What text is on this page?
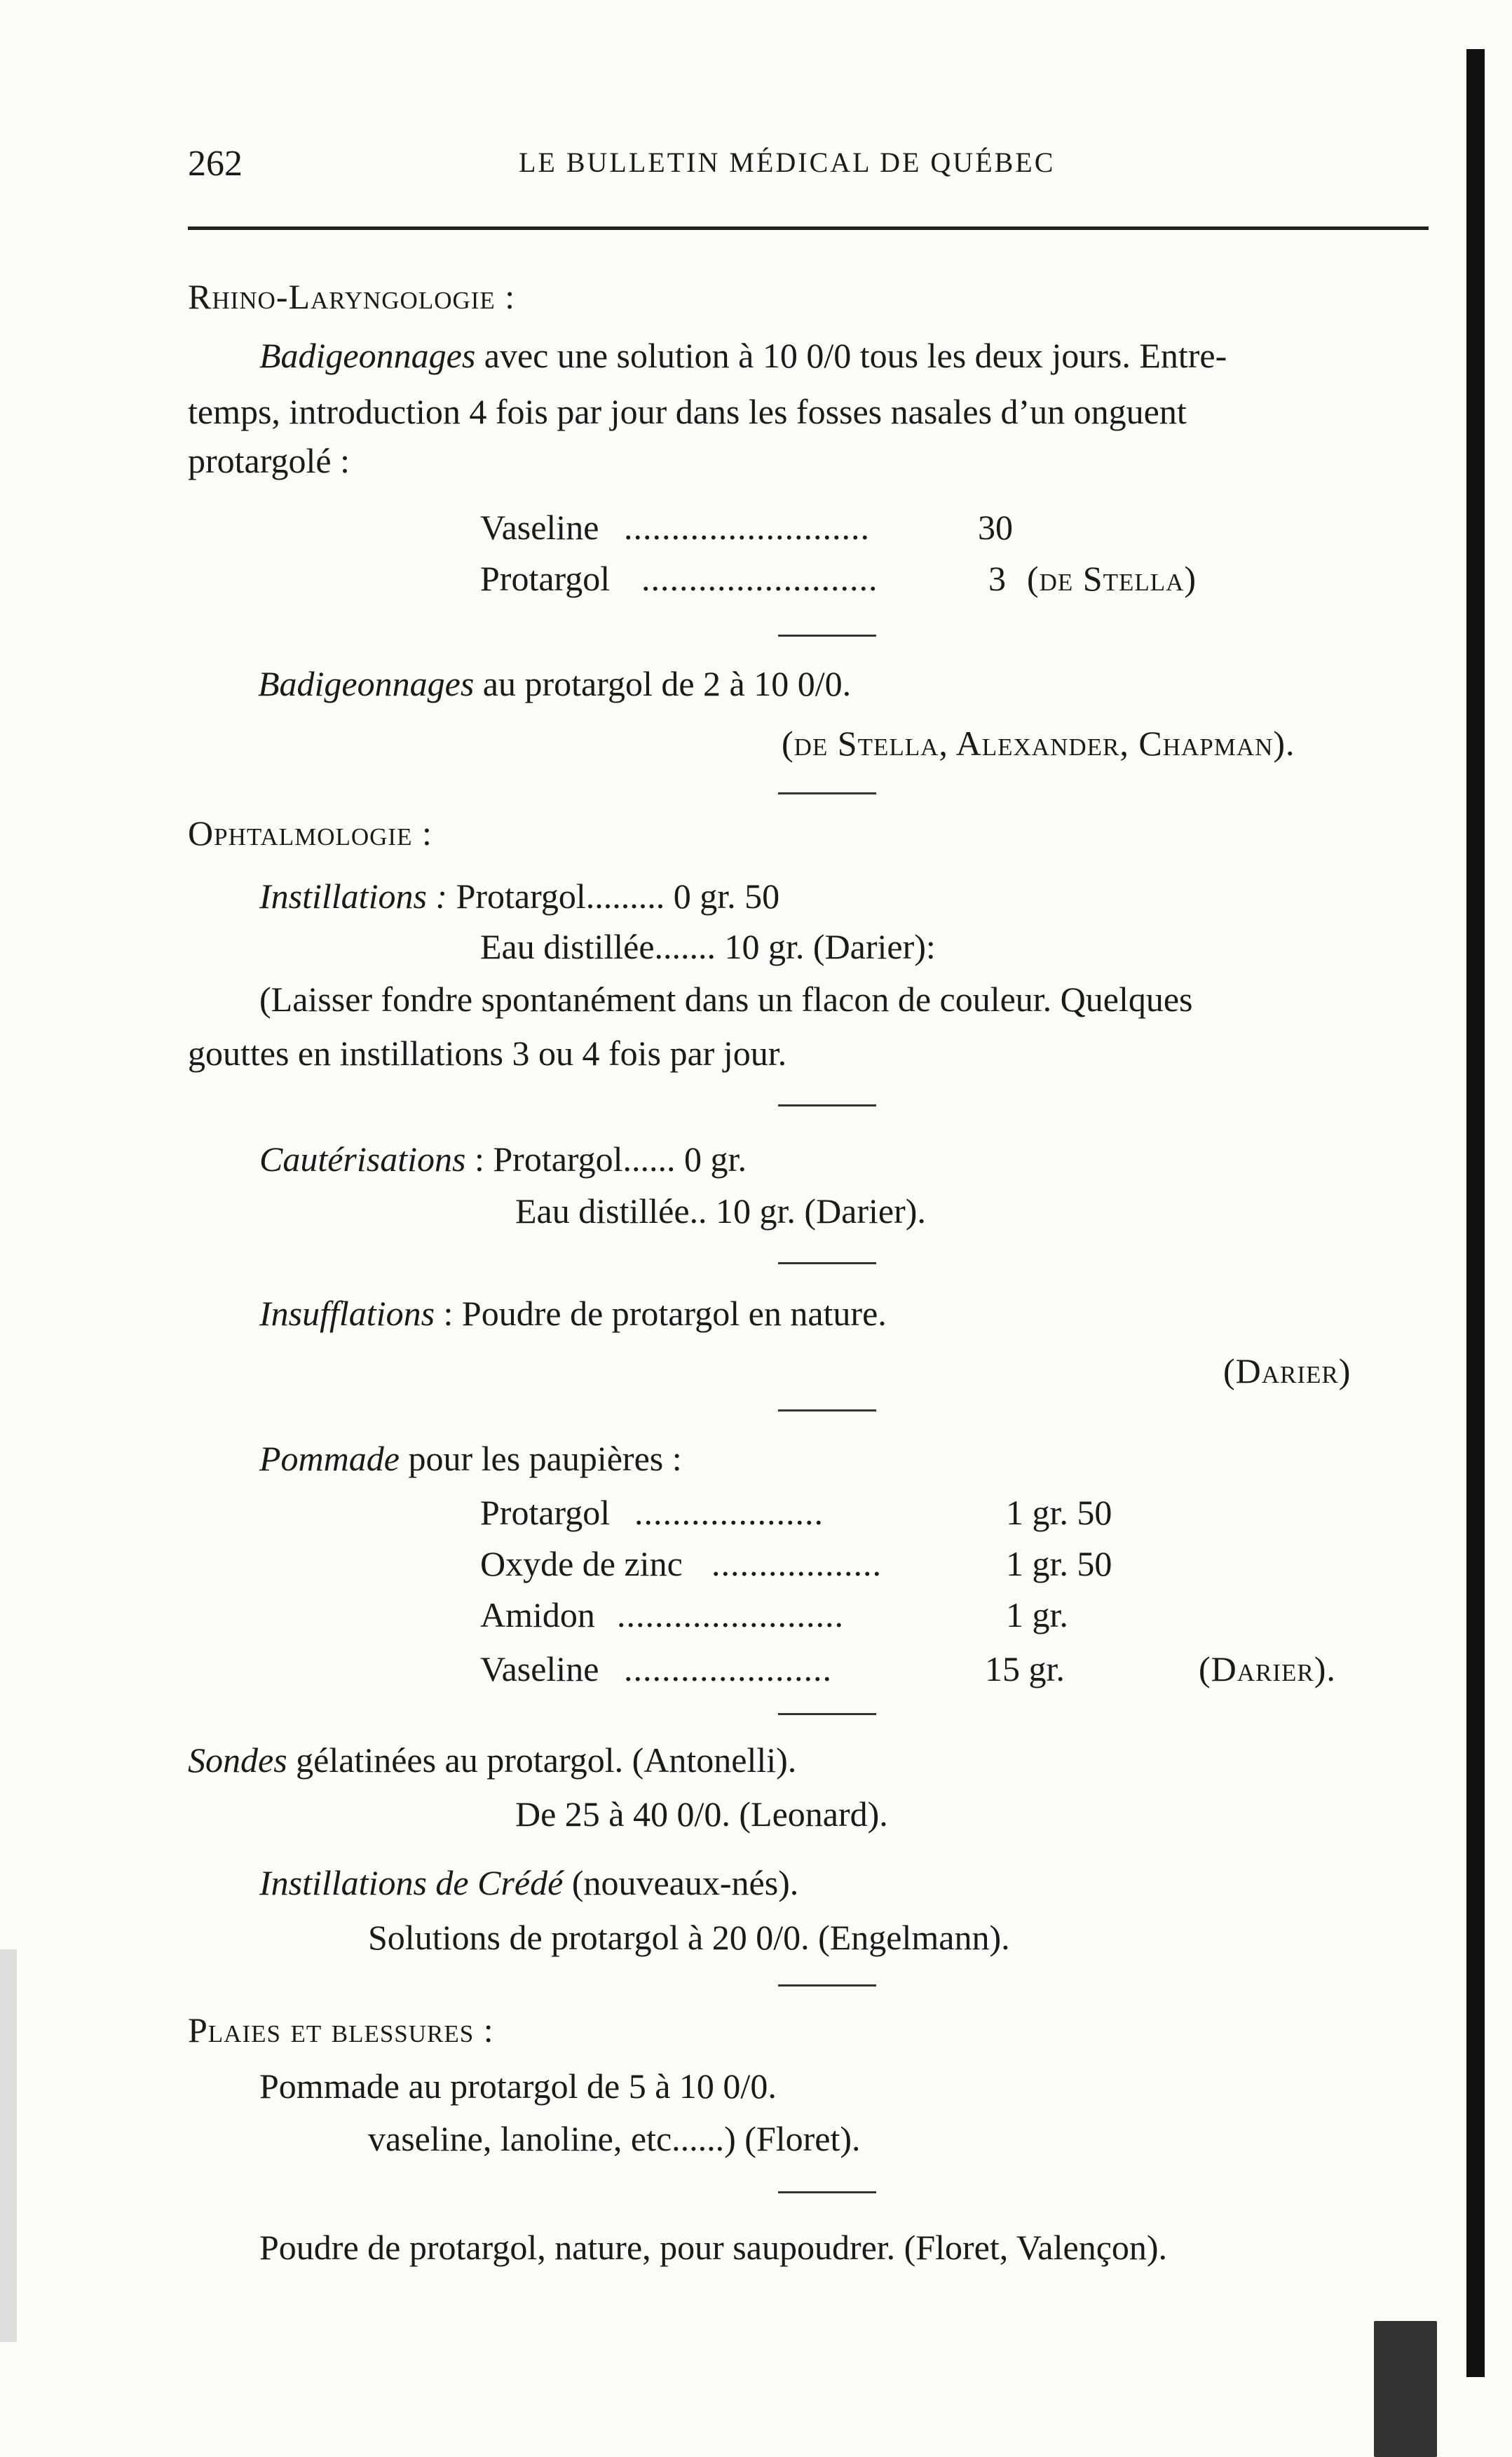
262	LE BULLETIN MÉDICAL DE QUÉBEC
Rhino-Laryngologie :
Badigeonnages avec une solution à 10 0/0 tous les deux jours. Entre-
temps, introduction 4 fois par jour dans les fosses nasales d’un onguent
protargolé :
Vaseline ..........................	30
Protargol .........................	3 (de Stella)
Badigeonnages au protargol de 2 à 10 0/0.
(de Stella, Alexander, Chapman).
Ophtalmologie :
Instillations : Protargol......... 0 gr. 50
Eau distillée....... 10 gr. (Darier):
(Laisser fondre spontanément dans un flacon de couleur. Quelques
gouttes en instillations 3 ou 4 fois par jour.
Cautérisations : Protargol...... 0 gr.
Eau distillée.. 10 gr. (Darier).
Insufflations : Poudre de protargol en nature.
(Darier)
Pommade pour les paupières :
Protargol ....................	1 gr. 50
Oxyde de zinc ..................	1 gr. 50
Amidon ........................	1 gr.
Vaseline ......................	15 gr.	(Darier).
Sondes gélatinées au protargol. (Antonelli).
De 25 à 40 0/0. (Leonard).
Instillations de Crédé (nouveaux-nés).
Solutions de protargol à 20 0/0. (Engelmann).
Plaies et blessures :
Pommade au protargol de 5 à 10 0/0.
vaseline, lanoline, etc......) (Floret).
Poudre de protargol, nature, pour saupoudrer. (Floret, Valençon).
